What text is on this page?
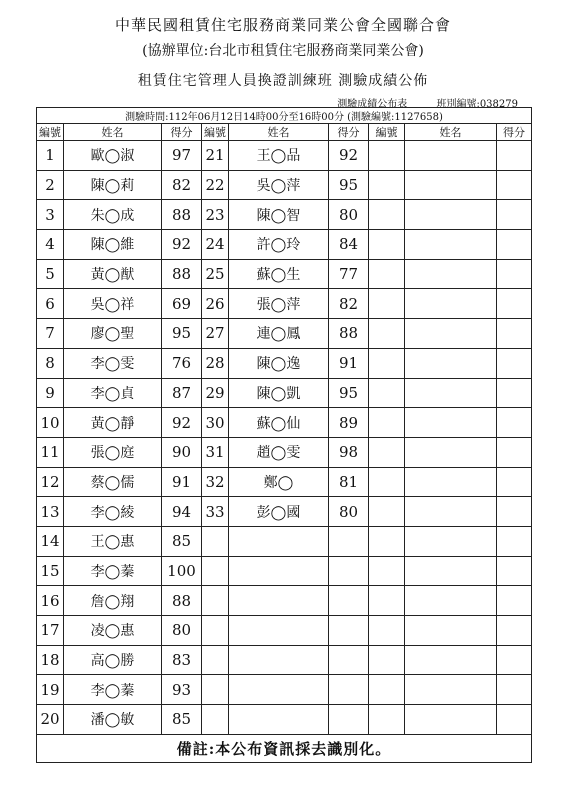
中華民國租賃住宅服務商業同業公會全國聯合會
(協辦單位:台北市租賃住宅服務商業同業公會)
租賃住宅管理人員換證訓練班 測驗成績公佈
測驗成績公布表	班別編號:038279
測驗時間:112年06月12日14時00分至16時00分 (測驗編號:1127658)								
編號	姓名	得分	編號	姓名	得分	編號	姓名	得分
1	歐◯淑	97	21	王◯品	92			
2	陳◯莉	82	22	吳◯萍	95			
3	朱◯成	88	23	陳◯智	80			
4	陳◯維	92	24	許◯玲	84			
5	黃◯猷	88	25	蘇◯生	77			
6	吳◯祥	69	26	張◯萍	82			
7	廖◯聖	95	27	連◯鳳	88			
8	李◯雯	76	28	陳◯逸	91			
9	李◯貞	87	29	陳◯凱	95			
10	黃◯靜	92	30	蘇◯仙	89			
11	張◯庭	90	31	趙◯雯	98			
12	蔡◯儒	91	32	鄭◯	81			
13	李◯綾	94	33	彭◯國	80			
14	王◯惠	85						
15	李◯蓁	100						
16	詹◯翔	88						
17	凌◯惠	80						
18	高◯勝	83						
19	李◯蓁	93						
20	潘◯敏	85						
備註:本公布資訊採去識別化。								
